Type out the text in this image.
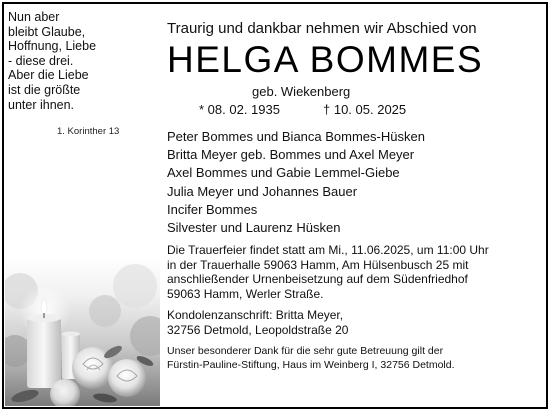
Nun aber
bleibt Glaube,
Hoffnung, Liebe
- diese drei.
Aber die Liebe
ist die größte
unter ihnen.
1. Korinther 13
Traurig und dankbar nehmen wir Abschied von
HELGA BOMMES
geb. Wiekenberg
* 08. 02. 1935	† 10. 05. 2025
Peter Bommes und Bianca Bommes-Hüsken
Britta Meyer geb. Bommes und Axel Meyer
Axel Bommes und Gabie Lemmel-Giebe
Julia Meyer und Johannes Bauer
Incifer Bommes
Silvester und Laurenz Hüsken
Die Trauerfeier findet statt am Mi., 11.06.2025, um 11:00 Uhr
in der Trauerhalle 59063 Hamm, Am Hülsenbusch 25 mit
anschließender Urnenbeisetzung auf dem Südenfriedhof
59063 Hamm, Werler Straße.
Kondolenzanschrift: Britta Meyer,
32756 Detmold, Leopoldstraße 20
Unser besonderer Dank für die sehr gute Betreuung gilt der
Fürstin-Pauline-Stiftung, Haus im Weinberg I, 32756 Detmold.
